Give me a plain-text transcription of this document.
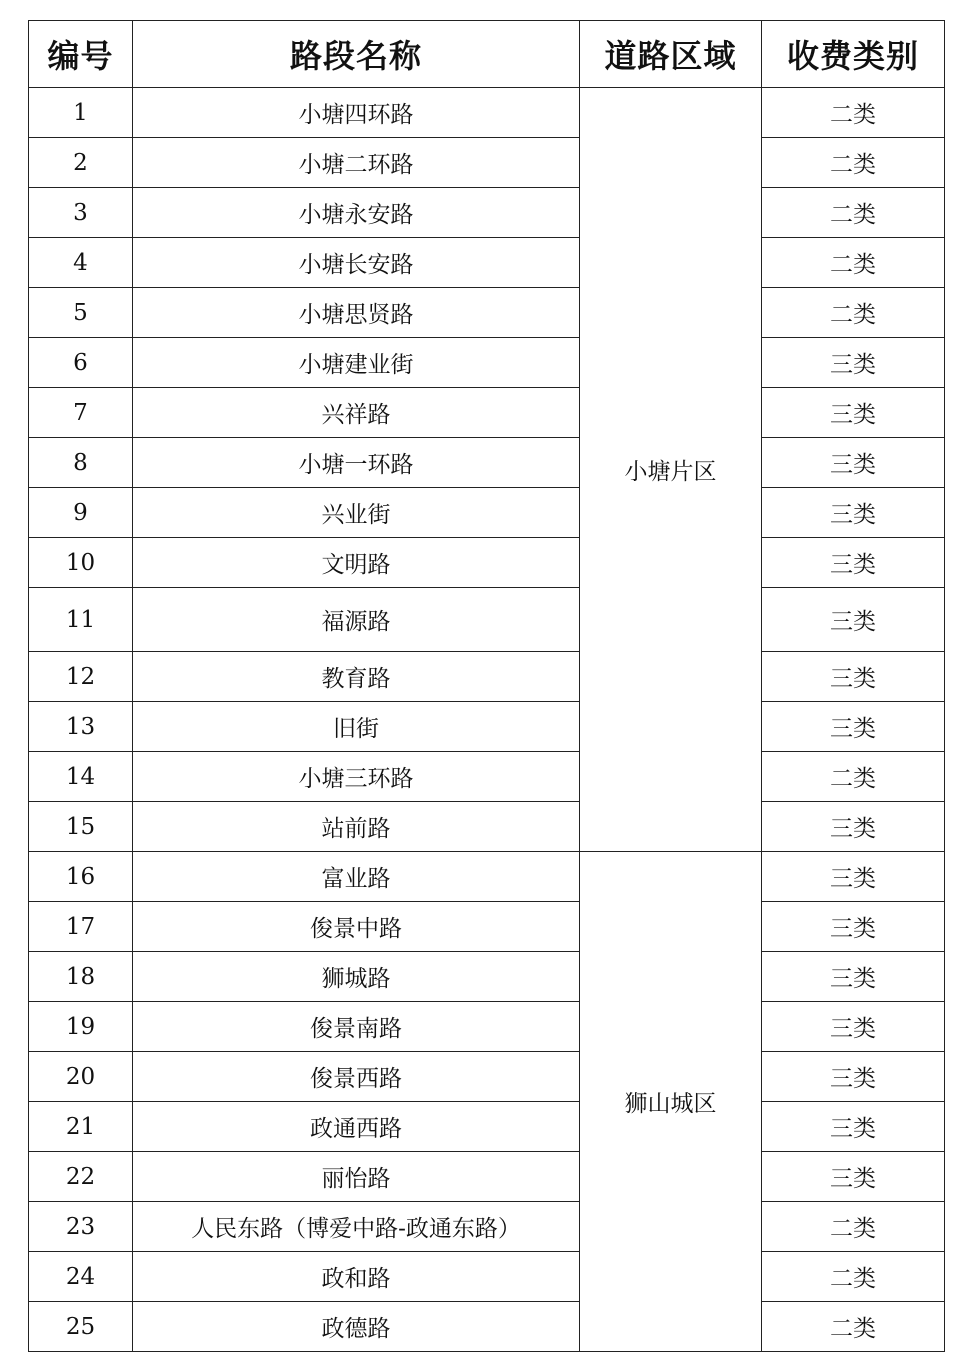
编号	路段名称	道路区域	收费类别
1	小塘四环路	小塘片区	二类
2	小塘二环路		二类
3	小塘永安路		二类
4	小塘长安路		二类
5	小塘思贤路		二类
6	小塘建业街		三类
7	兴祥路		三类
8	小塘一环路		三类
9	兴业街		三类
10	文明路		三类
11	福源路		三类
12	教育路		三类
13	旧街		三类
14	小塘三环路		二类
15	站前路		三类
16	富业路	狮山城区	三类
17	俊景中路		三类
18	狮城路		三类
19	俊景南路		三类
20	俊景西路		三类
21	政通西路		三类
22	丽怡路		三类
23	人民东路（博爱中路-政通东路）		二类
24	政和路		二类
25	政德路		二类
